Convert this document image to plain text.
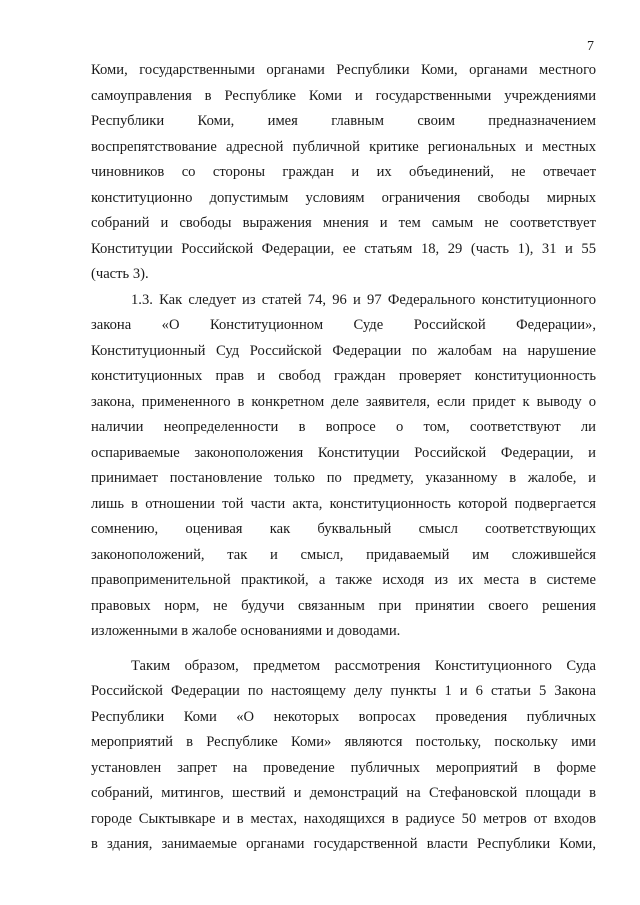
7
Коми, государственными органами Республики Коми, органами местного
самоуправления в Республике Коми и государственными учреждениями
Республики Коми, имея главным своим предназначением
воспрепятствование адресной публичной критике региональных и местных
чиновников со стороны граждан и их объединений, не отвечает
конституционно допустимым условиям ограничения свободы мирных
собраний и свободы выражения мнения и тем самым не соответствует
Конституции Российской Федерации, ее статьям 18, 29 (часть 1), 31 и 55
(часть 3).
1.3. Как следует из статей 74, 96 и 97 Федерального конституционного
закона «О Конституционном Суде Российской Федерации»,
Конституционный Суд Российской Федерации по жалобам на нарушение
конституционных прав и свобод граждан проверяет конституционность
закона, примененного в конкретном деле заявителя, если придет к выводу о
наличии неопределенности в вопросе о том, соответствуют ли
оспариваемые законоположения Конституции Российской Федерации, и
принимает постановление только по предмету, указанному в жалобе, и
лишь в отношении той части акта, конституционность которой подвергается
сомнению, оценивая как буквальный смысл соответствующих
законоположений, так и смысл, придаваемый им сложившейся
правоприменительной практикой, а также исходя из их места в системе
правовых норм, не будучи связанным при принятии своего решения
изложенными в жалобе основаниями и доводами.
Таким образом, предметом рассмотрения Конституционного Суда
Российской Федерации по настоящему делу пункты 1 и 6 статьи 5 Закона
Республики Коми «О некоторых вопросах проведения публичных
мероприятий в Республике Коми» являются постольку, поскольку ими
установлен запрет на проведение публичных мероприятий в форме
собраний, митингов, шествий и демонстраций на Стефановской площади в
городе Сыктывкаре и в местах, находящихся в радиусе 50 метров от входов
в здания, занимаемые органами государственной власти Республики Коми,
